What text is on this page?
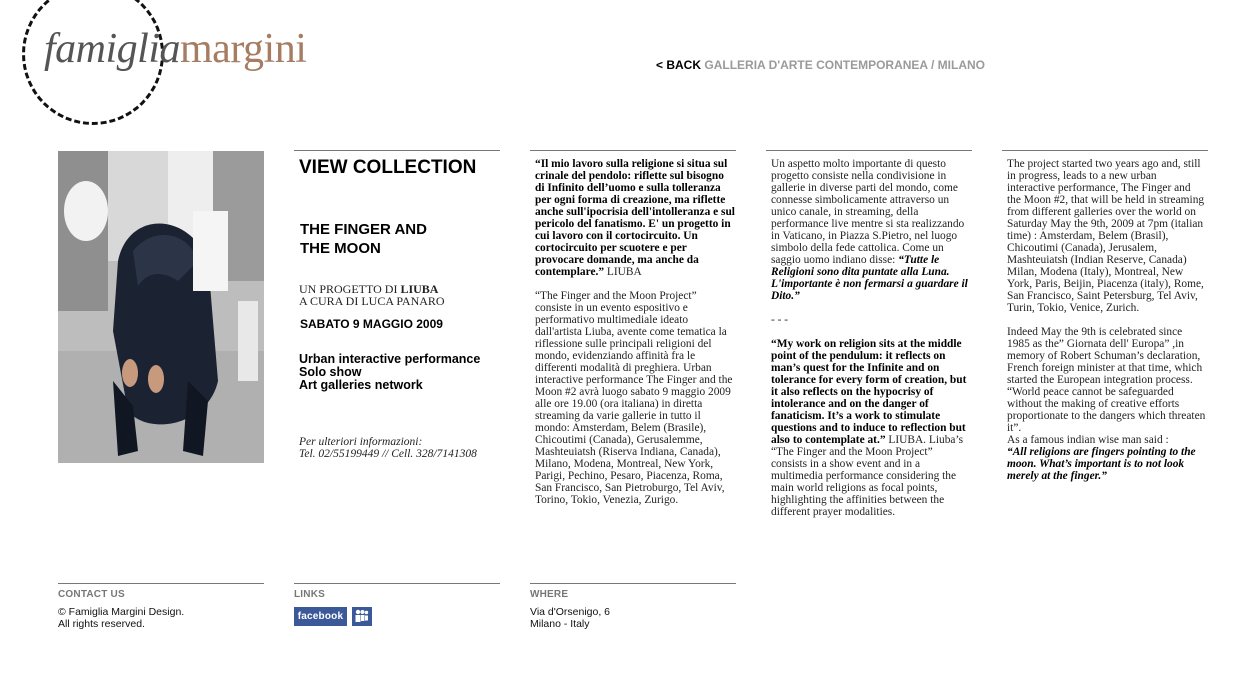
famigliamargini	< BACK GALLERIA D'ARTE CONTEMPORANEA / MILANO
VIEW COLLECTION
THE FINGER AND
THE MOON
UN PROGETTO DI LIUBA
A CURA DI LUCA PANARO
SABATO 9 MAGGIO 2009
Urban interactive performance
Solo show
Art galleries network
Per ulteriori informazioni:
Tel. 02/55199449 // Cell. 328/7141308

“Il mio lavoro sulla religione si situa sul crinale del pendolo: riflette sul bisogno di Infinito dell’uomo e sulla tolleranza per ogni forma di creazione, ma riflette anche sull'ipocrisia dell'intolleranza e sul pericolo del fanatismo. E' un progetto in cui lavoro con il cortocircuito. Un cortocircuito per scuotere e per provocare domande, ma anche da contemplare.” LIUBA

“The Finger and the Moon Project” consiste in un evento espositivo e performativo multimediale ideato dall'artista Liuba, avente come tematica la riflessione sulle principali religioni del mondo, evidenziando affinità fra le differenti modalità di preghiera. Urban interactive performance The Finger and the Moon #2 avrà luogo sabato 9 maggio 2009 alle ore 19.00 (ora italiana) in diretta streaming da varie gallerie in tutto il mondo: Amsterdam, Belem (Brasile), Chicoutimi (Canada), Gerusalemme, Mashteuiatsh (Riserva Indiana, Canada), Milano, Modena, Montreal, New York, Parigi, Pechino, Pesaro, Piacenza, Roma, San Francisco, San Pietroburgo, Tel Aviv, Torino, Tokio, Venezia, Zurigo.

Un aspetto molto importante di questo progetto consiste nella condivisione in gallerie in diverse parti del mondo, come connesse simbolicamente attraverso un unico canale, in streaming, della performance live mentre si sta realizzando in Vaticano, in Piazza S.Pietro, nel luogo simbolo della fede cattolica. Come un saggio uomo indiano disse: “Tutte le Religioni sono dita puntate alla Luna. L'importante è non fermarsi a guardare il Dito.”

- - -

“My work on religion sits at the middle point of the pendulum: it reflects on man’s quest for the Infinite and on tolerance for every form of creation, but it also reflects on the hypocrisy of intolerance and on the danger of fanaticism. It’s a work to stimulate questions and to induce to reflection but also to contemplate at.” LIUBA. Liuba’s “The Finger and the Moon Project” consists in a show event and in a multimedia performance considering the main world religions as focal points, highlighting the affinities between the different prayer modalities.

The project started two years ago and, still in progress, leads to a new urban interactive performance, The Finger and the Moon #2, that will be held in streaming from different galleries over the world on Saturday May the 9th, 2009 at 7pm (italian time) : Amsterdam, Belem (Brasil), Chicoutimi (Canada), Jerusalem, Mashteuiatsh (Indian Reserve, Canada) Milan, Modena (Italy), Montreal, New York, Paris, Beijin, Piacenza (italy), Rome, San Francisco, Saint Petersburg, Tel Aviv, Turin, Tokio, Venice, Zurich.

Indeed May the 9th is celebrated since 1985 as the” Giornata dell' Europa” ,in memory of Robert Schuman’s declaration, French foreign minister at that time, which started the European integration process. “World peace cannot be safeguarded without the making of creative efforts proportionate to the dangers which threaten it”.

As a famous indian wise man said :

“All religions are fingers pointing to the moon. What’s important is to not look merely at the finger.”

CONTACT US
© Famiglia Margini Design.
All rights reserved.
LINKS
facebook
WHERE
Via d'Orsenigo, 6
Milano - Italy
